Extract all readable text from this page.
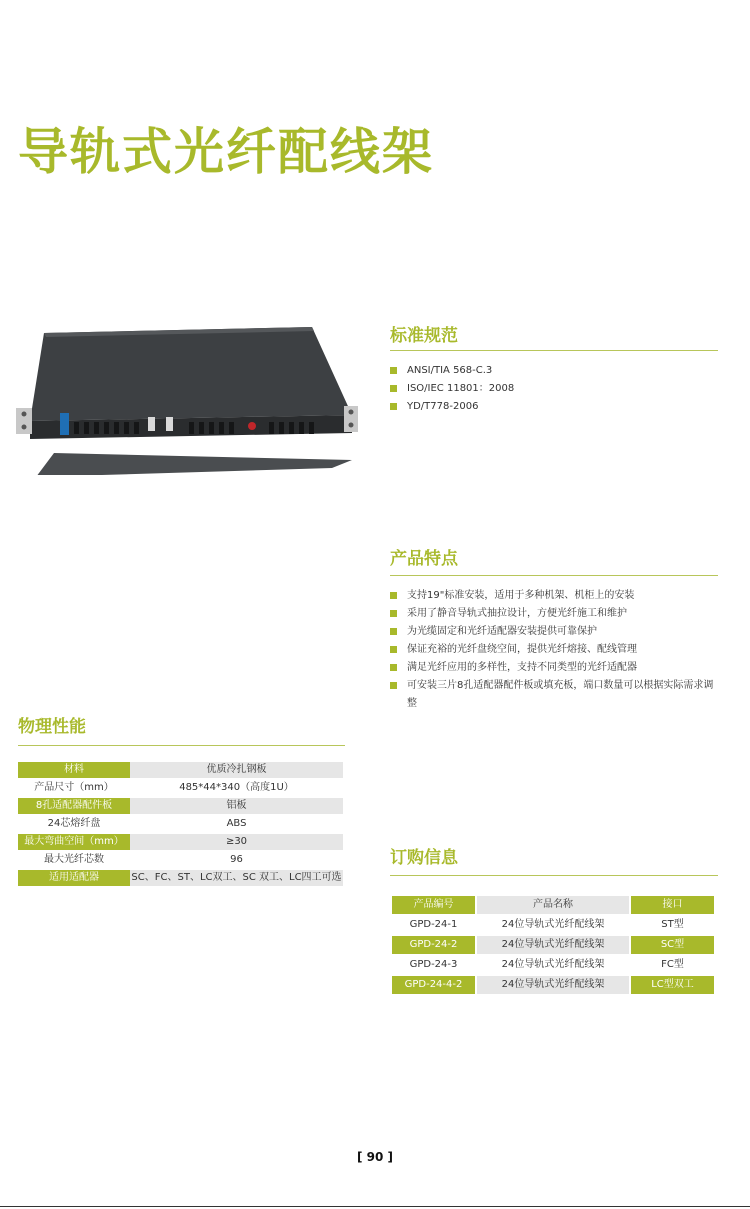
导轨式光纤配线架
标准规范
ANSI/TIA 568-C.3
ISO/IEC 11801：2008
YD/T778-2006
产品特点
支持19"标准安装，适用于多种机架、机柜上的安装
采用了静音导轨式抽拉设计，方便光纤施工和维护
为光缆固定和光纤适配器安装提供可靠保护
保证充裕的光纤盘绕空间，提供光纤熔接、配线管理
满足光纤应用的多样性，支持不同类型的光纤适配器
可安装三片8孔适配器配件板或填充板，端口数量可以根据实际需求调整
物理性能
材料	优质冷扎钢板
产品尺寸（mm）	485*44*340（高度1U）
8孔适配器配件板	铝板
24芯熔纤盘	ABS
最大弯曲空间（mm）	≥30
最大光纤芯数	96
适用适配器	SC、FC、ST、LC双工、SC 双工、LC四工可选
订购信息
产品编号	产品名称	接口
GPD-24-1	24位导轨式光纤配线架	ST型
GPD-24-2	24位导轨式光纤配线架	SC型
GPD-24-3	24位导轨式光纤配线架	FC型
GPD-24-4-2	24位导轨式光纤配线架	LC型双工
[ 90 ]
